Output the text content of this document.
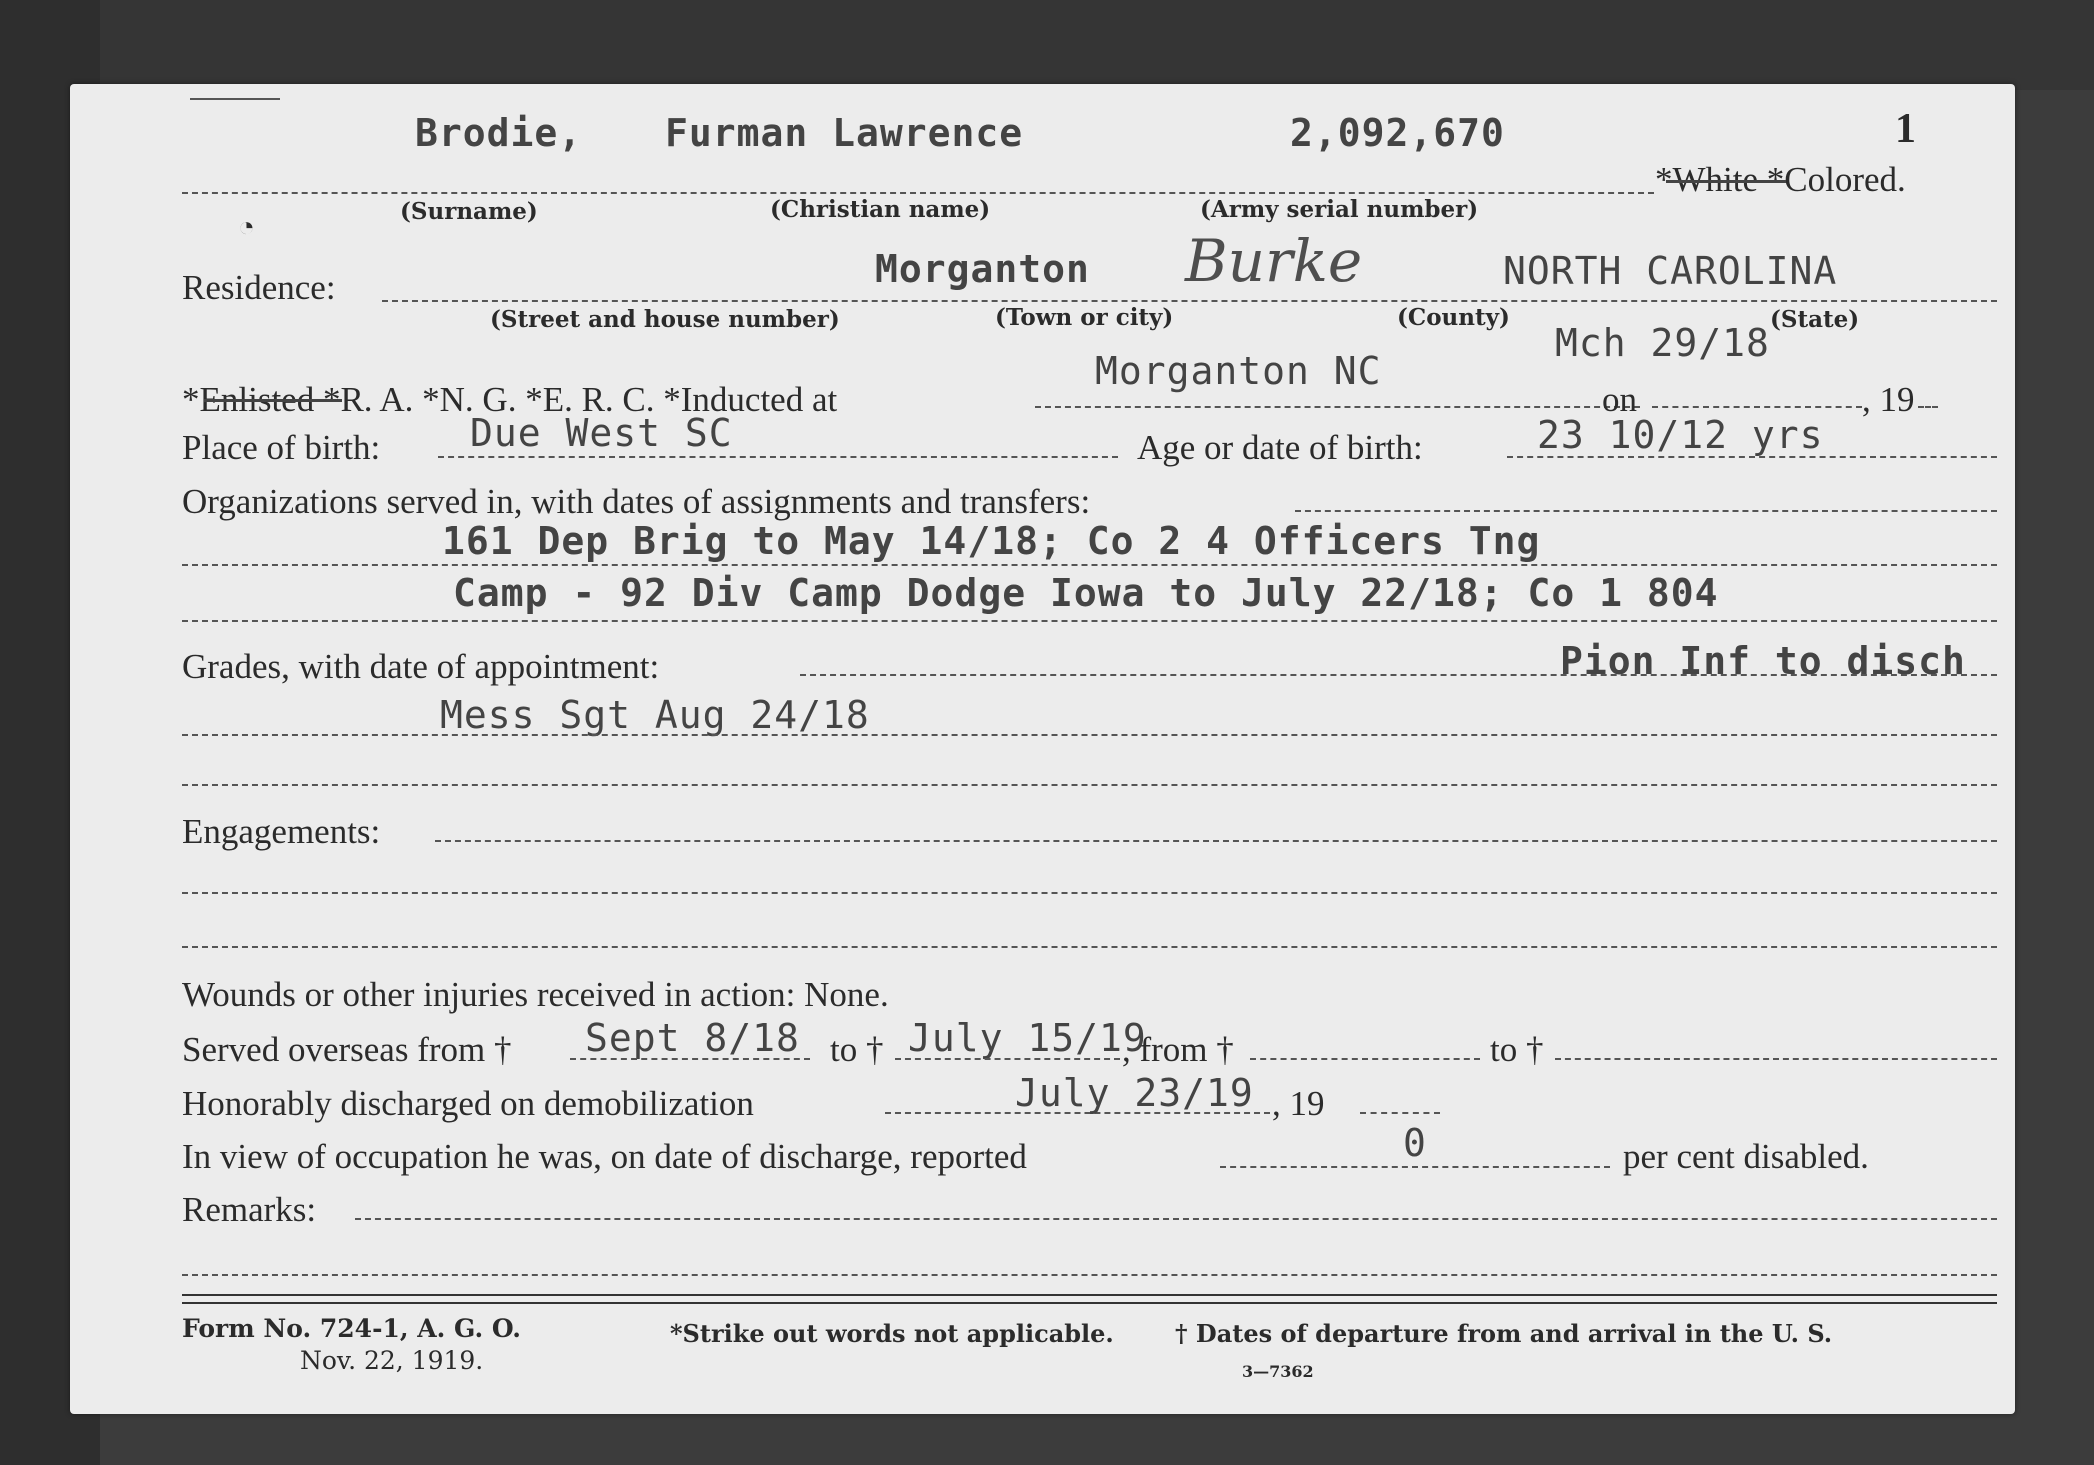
Brodie, Furman Lawrence	2,092,670	1
*White *Colored.
◔
(Surname)	(Christian name)	(Army serial number)
Residence:	Morganton Burke	NORTH CAROLINA
(Street and house number)	(Town or city)	(County)	(State)
Mch 29/18
Morganton NC
*Enlisted *R. A. *N. G. *E. R. C. *Inducted at	on	, 19
Place of birth: Due West SC	Age or date of birth:	23 10/12 yrs
Organizations served in, with dates of assignments and transfers:
161 Dep Brig to May 14/18; Co 2 4 Officers Tng
Camp - 92 Div Camp Dodge Iowa to July 22/18; Co 1 804
Pion Inf to disch
Grades, with date of appointment:
Mess Sgt Aug 24/18
Engagements:
Wounds or other injuries received in action: None.
Served overseas from † Sept 8/18 to † July 15/19
, from †	to †
Honorably discharged on demobilization	July 23/19 , 19
In view of occupation he was, on date of discharge, reported	0	per cent disabled.
Remarks:
Form No. 724-1, A. G. O.
Nov. 22, 1919.
*Strike out words not applicable.	† Dates of departure from and arrival in the U. S.
3—7362
